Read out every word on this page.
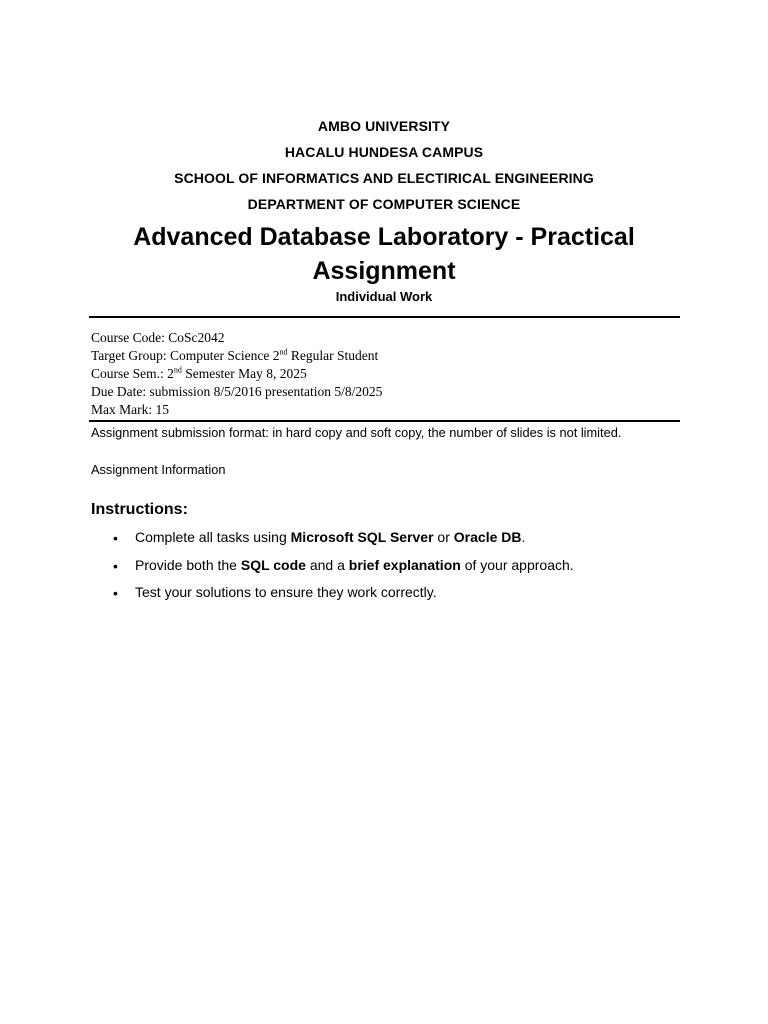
AMBO UNIVERSITY
HACALU HUNDESA CAMPUS
SCHOOL OF INFORMATICS AND ELECTIRICAL ENGINEERING
DEPARTMENT OF COMPUTER SCIENCE
Advanced Database Laboratory - Practical Assignment
Individual Work
Course Code: CoSc2042
Target Group: Computer Science 2nd Regular Student
Course Sem.: 2nd Semester May 8, 2025
Due Date: submission 8/5/2016 presentation 5/8/2025
Max Mark: 15
Assignment submission format: in hard copy and soft copy, the number of slides is not limited.
Assignment Information
Instructions:
• Complete all tasks using Microsoft SQL Server or Oracle DB.
• Provide both the SQL code and a brief explanation of your approach.
• Test your solutions to ensure they work correctly.
